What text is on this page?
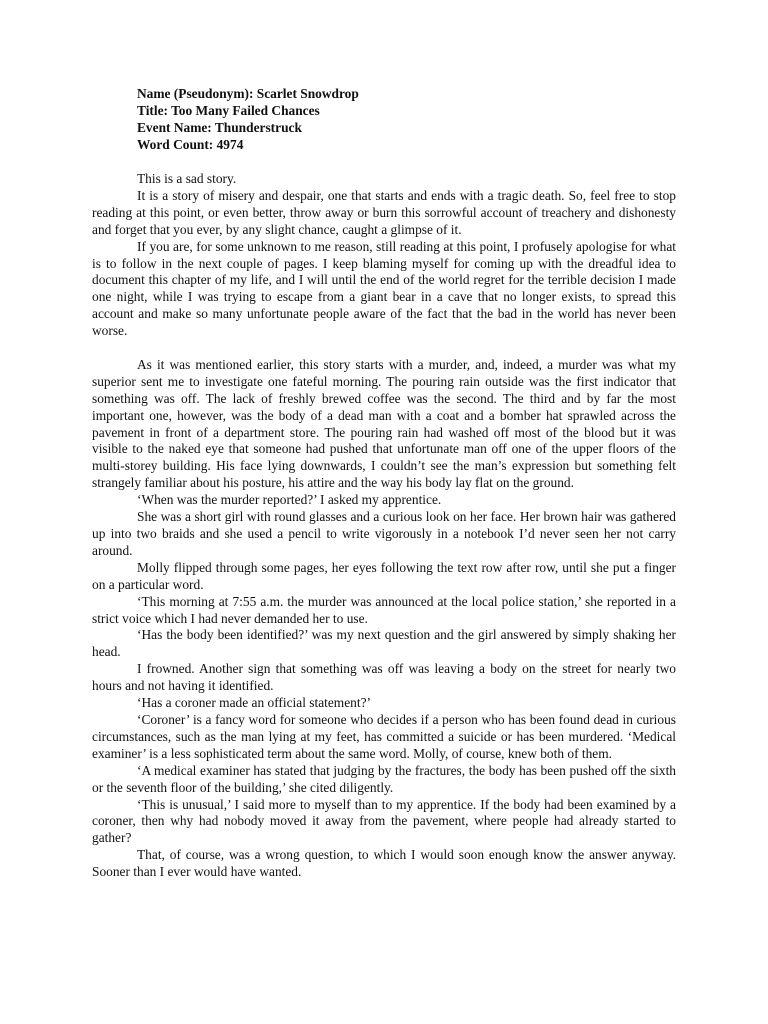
Name (Pseudonym): Scarlet Snowdrop
Title: Too Many Failed Chances
Event Name: Thunderstruck
Word Count: 4974

This is a sad story.

It is a story of misery and despair, one that starts and ends with a tragic death. So, feel free to stop reading at this point, or even better, throw away or burn this sorrowful account of treachery and dishonesty and forget that you ever, by any slight chance, caught a glimpse of it.

If you are, for some unknown to me reason, still reading at this point, I profusely apologise for what is to follow in the next couple of pages. I keep blaming myself for coming up with the dreadful idea to document this chapter of my life, and I will until the end of the world regret for the terrible decision I made one night, while I was trying to escape from a giant bear in a cave that no longer exists, to spread this account and make so many unfortunate people aware of the fact that the bad in the world has never been worse.

As it was mentioned earlier, this story starts with a murder, and, indeed, a murder was what my superior sent me to investigate one fateful morning. The pouring rain outside was the first indicator that something was off. The lack of freshly brewed coffee was the second. The third and by far the most important one, however, was the body of a dead man with a coat and a bomber hat sprawled across the pavement in front of a department store. The pouring rain had washed off most of the blood but it was visible to the naked eye that someone had pushed that unfortunate man off one of the upper floors of the multi-storey building. His face lying downwards, I couldn’t see the man’s expression but something felt strangely familiar about his posture, his attire and the way his body lay flat on the ground.

‘When was the murder reported?’ I asked my apprentice.

She was a short girl with round glasses and a curious look on her face. Her brown hair was gathered up into two braids and she used a pencil to write vigorously in a notebook I’d never seen her not carry around.

Molly flipped through some pages, her eyes following the text row after row, until she put a finger on a particular word.

‘This morning at 7:55 a.m. the murder was announced at the local police station,’ she reported in a strict voice which I had never demanded her to use.

‘Has the body been identified?’ was my next question and the girl answered by simply shaking her head.

I frowned. Another sign that something was off was leaving a body on the street for nearly two hours and not having it identified.

‘Has a coroner made an official statement?’

‘Coroner’ is a fancy word for someone who decides if a person who has been found dead in curious circumstances, such as the man lying at my feet, has committed a suicide or has been murdered. ‘Medical examiner’ is a less sophisticated term about the same word. Molly, of course, knew both of them.

‘A medical examiner has stated that judging by the fractures, the body has been pushed off the sixth or the seventh floor of the building,’ she cited diligently.

‘This is unusual,’ I said more to myself than to my apprentice. If the body had been examined by a coroner, then why had nobody moved it away from the pavement, where people had already started to gather?

That, of course, was a wrong question, to which I would soon enough know the answer anyway. Sooner than I ever would have wanted.
